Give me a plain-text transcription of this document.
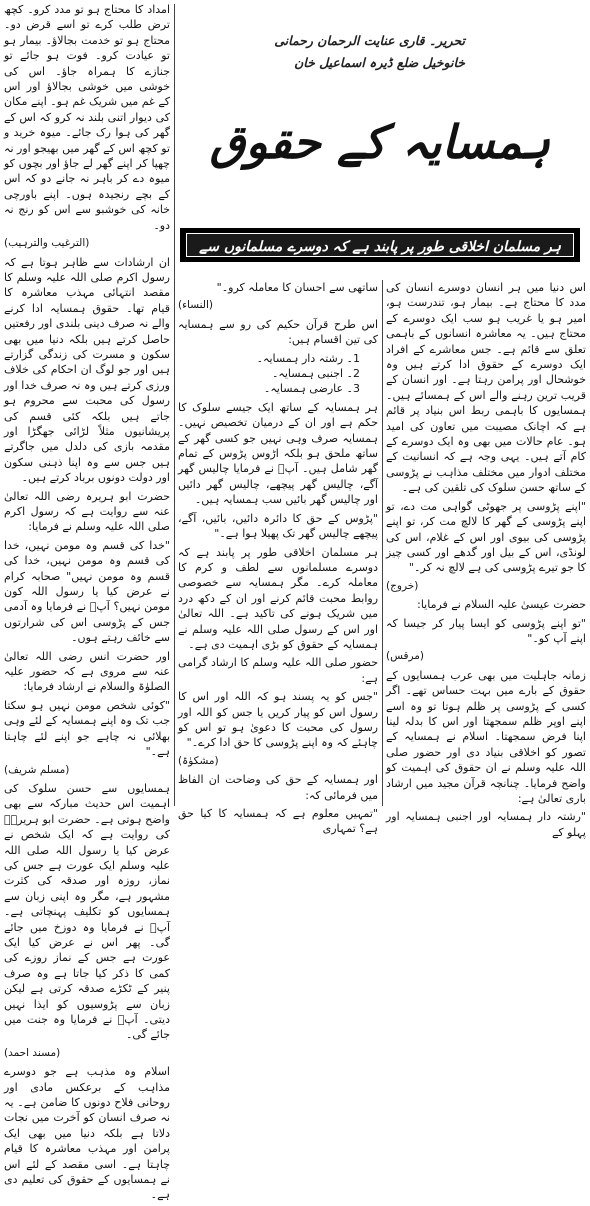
امداد کا محتاج ہو تو مدد کرو۔ کچھ ترض طلب کرے تو اسے قرض دو۔ محتاج ہو تو خدمت بجالاؤ۔ بیمار ہو تو عیادت کرو۔ فوت ہو جائے تو جنازے کا ہمراہ جاؤ۔ اس کی خوشی میں خوشی بجالاؤ اور اس کے غم میں شریک غم ہو۔ اپنے مکان کی دیوار اتنی بلند نہ کرو کہ اس کے گھر کی ہوا رک جائے۔ میوہ خرید و تو کچھ اس کے گھر میں بھیجو اور نہ چھپا کر اپنے گھر لے جاؤ اور بچوں کو میوہ دے کر باہر نہ جانے دو کہ اس کے بچے رنجیدہ ہوں۔ اپنے باورچی خانہ کی خوشبو سے اس کو رنج نہ دو۔

(الترغیب والترہیب)

ان ارشادات سے ظاہر ہوتا ہے کہ رسول اکرم صلی اللہ علیہ وسلم کا مقصد انتہائی مہذب معاشرہ کا قیام تھا۔ حقوق ہمسایہ ادا کرنے والے نہ صرف دینی بلندی اور رفعتیں حاصل کرتے ہیں بلکہ دنیا میں بھی سکون و مسرت کی زندگی گزارتے ہیں اور جو لوگ ان احکام کی خلاف ورزی کرتے ہیں وہ نہ صرف خدا اور رسول کی محبت سے محروم ہو جاتے ہیں بلکہ کئی قسم کی پریشانیوں مثلاً لڑائی جھگڑا اور مقدمہ بازی کی دلدل میں جاگرتے ہیں جس سے وہ اپنا ذہنی سکون اور دولت دونوں برباد کرتے ہیں۔

حضرت ابو ہریرہ رضی اللہ تعالیٰ عنہ سے روایت ہے کہ رسول اکرم صلی اللہ علیہ وسلم نے فرمایا:

"خدا کی قسم وہ مومن نہیں، خدا کی قسم وہ مومن نہیں، خدا کی قسم وہ مومن نہیں" صحابہ کرام نے عرض کیا یا رسول اللہ کون مومن نہیں؟ آپؐ نے فرمایا وہ آدمی جس کے پڑوسی اس کی شرارتوں سے خائف رہتے ہوں۔

اور حضرت انس رضی اللہ تعالیٰ عنہ سے مروی ہے کہ حضور علیہ الصلوٰۃ والسلام نے ارشاد فرمایا:

"کوئی شخص مومن نہیں ہو سکتا جب تک وہ اپنے ہمسایہ کے لئے وہی بھلائی نہ چاہے جو اپنے لئے چاہتا ہے۔"

(مسلم شریف)

ہمسایوں سے حسن سلوک کی اہمیت اس حدیث مبارکہ سے بھی واضح ہوتی ہے۔ حضرت ابو ہریرہؓ کی روایت ہے کہ ایک شخص نے عرض کیا یا رسول اللہ صلی اللہ علیہ وسلم ایک عورت ہے جس کی نماز، روزہ اور صدقہ کی کثرت مشہور ہے، مگر وہ اپنی زبان سے ہمسایوں کو تکلیف پہنچاتی ہے۔ آپؐ نے فرمایا وہ دوزخ میں جائے گی۔ پھر اس نے عرض کیا ایک عورت ہے جس کے نماز روزے کی کمی کا ذکر کیا جاتا ہے وہ صرف پنیر کے ٹکڑے صدقہ کرتی ہے لیکن زبان سے پڑوسیوں کو ایذا نہیں دیتی۔ آپؐ نے فرمایا وہ جنت میں جائے گی۔

(مسند احمد)

اسلام وہ مذہب ہے جو دوسرے مذاہب کے برعکس مادی اور روحانی فلاح دونوں کا ضامن ہے۔ یہ نہ صرف انسان کو آخرت میں نجات دلاتا ہے بلکہ دنیا میں بھی ایک پرامن اور مہذب معاشرہ کا قیام چاہتا ہے۔ اسی مقصد کے لئے اس نے ہمسایوں کے حقوق کی تعلیم دی ہے۔

تحریر۔ قاری عنایت الرحمان رحمانی
خانوخیل ضلع ڈیرہ اسماعیل خان
ہمسایہ کے حقوق
ہر مسلمان اخلاقی طور پر پابند ہے کہ دوسرے مسلمانوں سے لطف و کرم کا معاملہ کرے

ساتھی سے احسان کا معاملہ کرو۔"

(النساء)

اس طرح قرآن حکیم کی رو سے ہمسایہ کی تین اقسام ہیں:

1۔ رشتہ دار ہمسایہ۔
2۔ اجنبی ہمسایہ۔
3۔ عارضی ہمسایہ۔

ہر ہمسایہ کے ساتھ ایک جیسے سلوک کا حکم ہے اور ان کے درمیان تخصیص نہیں۔ ہمسایہ صرف وہی نہیں جو کسی گھر کے ساتھ ملحق ہو بلکہ اڑوس پڑوس کے تمام گھر شامل ہیں۔ آپؐ نے فرمایا چالیس گھر آگے، چالیس گھر پیچھے، چالیس گھر دائیں اور چالیس گھر بائیں سب ہمسایہ ہیں۔

"پڑوس کے حق کا دائرہ دائیں، بائیں، آگے، پیچھے چالیس گھر تک پھیلا ہوا ہے۔"

ہر مسلمان اخلاقی طور پر پابند ہے کہ دوسرے مسلمانوں سے لطف و کرم کا معاملہ کرے۔ مگر ہمسایہ سے خصوصی روابط محبت قائم کرنے اور ان کے دکھ درد میں شریک ہونے کی تاکید ہے۔ اللہ تعالیٰ اور اس کے رسول صلی اللہ علیہ وسلم نے ہمسایہ کے حقوق کو بڑی اہمیت دی ہے۔

حضور صلی اللہ علیہ وسلم کا ارشاد گرامی ہے:

"جس کو یہ پسند ہو کہ اللہ اور اس کا رسول اس کو پیار کریں یا جس کو اللہ اور رسول کی محبت کا دعویٰ ہو تو اس کو چاہئے کہ وہ اپنے پڑوسی کا حق ادا کرے۔"

(مشکوٰۃ)

اور ہمسایہ کے حق کی وضاحت ان الفاظ میں فرمائی کہ:

"تمہیں معلوم ہے کہ ہمسایہ کا کیا حق ہے؟ تمہاری

اس دنیا میں ہر انسان دوسرے انسان کی مدد کا محتاج ہے۔ بیمار ہو، تندرست ہو، امیر ہو یا غریب ہو سب ایک دوسرے کے محتاج ہیں۔ یہ معاشرہ انسانوں کے باہمی تعلق سے قائم ہے۔ جس معاشرے کے افراد ایک دوسرے کے حقوق ادا کرتے ہیں وہ خوشحال اور پرامن رہتا ہے۔ اور انسان کے قریب ترین رہنے والے اس کے ہمسائے ہیں۔ ہمسایوں کا باہمی ربط اس بنیاد پر قائم ہے کہ اچانک مصیبت میں تعاون کی امید ہو۔ عام حالات میں بھی وہ ایک دوسرے کے کام آتے ہیں۔ یہی وجہ ہے کہ انسانیت کے مختلف ادوار میں مختلف مذاہب نے پڑوسی کے ساتھ حسن سلوک کی تلقین کی ہے۔

"اپنے پڑوسی پر جھوٹی گواہی مت دے، تو اپنے پڑوسی کے گھر کا لالچ مت کر، تو اپنے پڑوسی کی بیوی اور اس کے غلام، اس کی لونڈی، اس کے بیل اور گدھے اور کسی چیز کا جو تیرے پڑوسی کی ہے لالچ نہ کر۔"

(خروج)

حضرت عیسیٰ علیہ السلام نے فرمایا:

"تو اپنے پڑوسی کو ایسا پیار کر جیسا کہ اپنے آپ کو۔"

(مرقس)

زمانہ جاہلیت میں بھی عرب ہمسایوں کے حقوق کے بارے میں بہت حساس تھے۔ اگر کسی کے پڑوسی پر ظلم ہوتا تو وہ اسے اپنے اوپر ظلم سمجھتا اور اس کا بدلہ لینا اپنا فرض سمجھتا۔ اسلام نے ہمسایہ کے تصور کو اخلاقی بنیاد دی اور حضور صلی اللہ علیہ وسلم نے ان حقوق کی اہمیت کو واضح فرمایا۔ چنانچہ قرآن مجید میں ارشاد باری تعالیٰ ہے:

"رشتہ دار ہمسایہ اور اجنبی ہمسایہ اور پہلو کے
